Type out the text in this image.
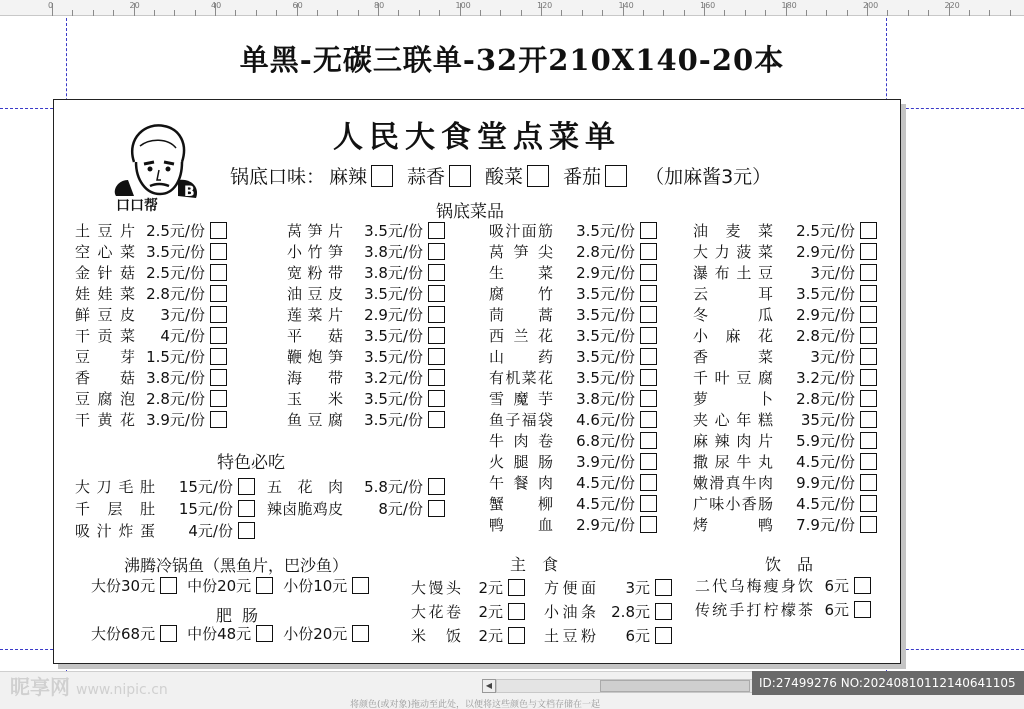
0	20	40	60	80	100	120	140	160	180	200	220
单黑-无碳三联单-32开210X140-20本
人民大食堂点菜单
B
口口帮
锅底口味： 麻辣 蒜香 酸菜 番茄 （加麻酱3元）
锅底菜品
土豆片 2.5元/份
空心菜 3.5元/份
金针菇 2.5元/份
娃娃菜 2.8元/份
鲜豆皮 3元/份
干贡菜 4元/份
豆芽 1.5元/份
香菇 3.8元/份
豆腐泡 2.8元/份
干黄花 3.9元/份
莴笋片 3.5元/份
小竹笋 3.8元/份
宽粉带 3.8元/份
油豆皮 3.5元/份
莲菜片 2.9元/份
平菇 3.5元/份
鞭炮笋 3.5元/份
海带 3.2元/份
玉米 3.5元/份
鱼豆腐 3.5元/份
吸汁面筋 3.5元/份
莴笋尖 2.8元/份
生菜 2.9元/份
腐竹 3.5元/份
茼蒿 3.5元/份
西兰花 3.5元/份
山药 3.5元/份
有机菜花 3.5元/份
雪魔芋 3.8元/份
鱼子福袋 4.6元/份
牛肉卷 6.8元/份
火腿肠 3.9元/份
午餐肉 4.5元/份
蟹柳 4.5元/份
鸭血 2.9元/份
油麦菜 2.5元/份
大力菠菜 2.9元/份
瀑布土豆 3元/份
云耳 3.5元/份
冬瓜 2.9元/份
小麻花 2.8元/份
香菜 3元/份
千叶豆腐 3.2元/份
萝卜 2.8元/份
夹心年糕 35元/份
麻辣肉片 5.9元/份
撒尿牛丸 4.5元/份
嫩滑真牛肉 9.9元/份
广味小香肠 4.5元/份
烤鸭 7.9元/份
特色必吃
大刀毛肚 15元/份
千层肚 15元/份
吸汁炸蛋 4元/份
五花肉 5.8元/份
辣卤脆鸡皮 8元/份
沸腾冷锅鱼（黑鱼片，巴沙鱼）
大份30元 中份20元 小份10元
肥肠
大份68元 中份48元 小份20元
主食
大馒头 2元
大花卷 2元
米饭 2元
方便面 3元
小油条 2.8元
土豆粉 6元
饮品
二代乌梅瘦身饮 6元
传统手打柠檬茶 6元
昵享网 www.nipic.cn	◀
将颜色(或对象)拖动至此处，以便将这些颜色与文档存储在一起
ID:27499276 NO:20240810112140641105
